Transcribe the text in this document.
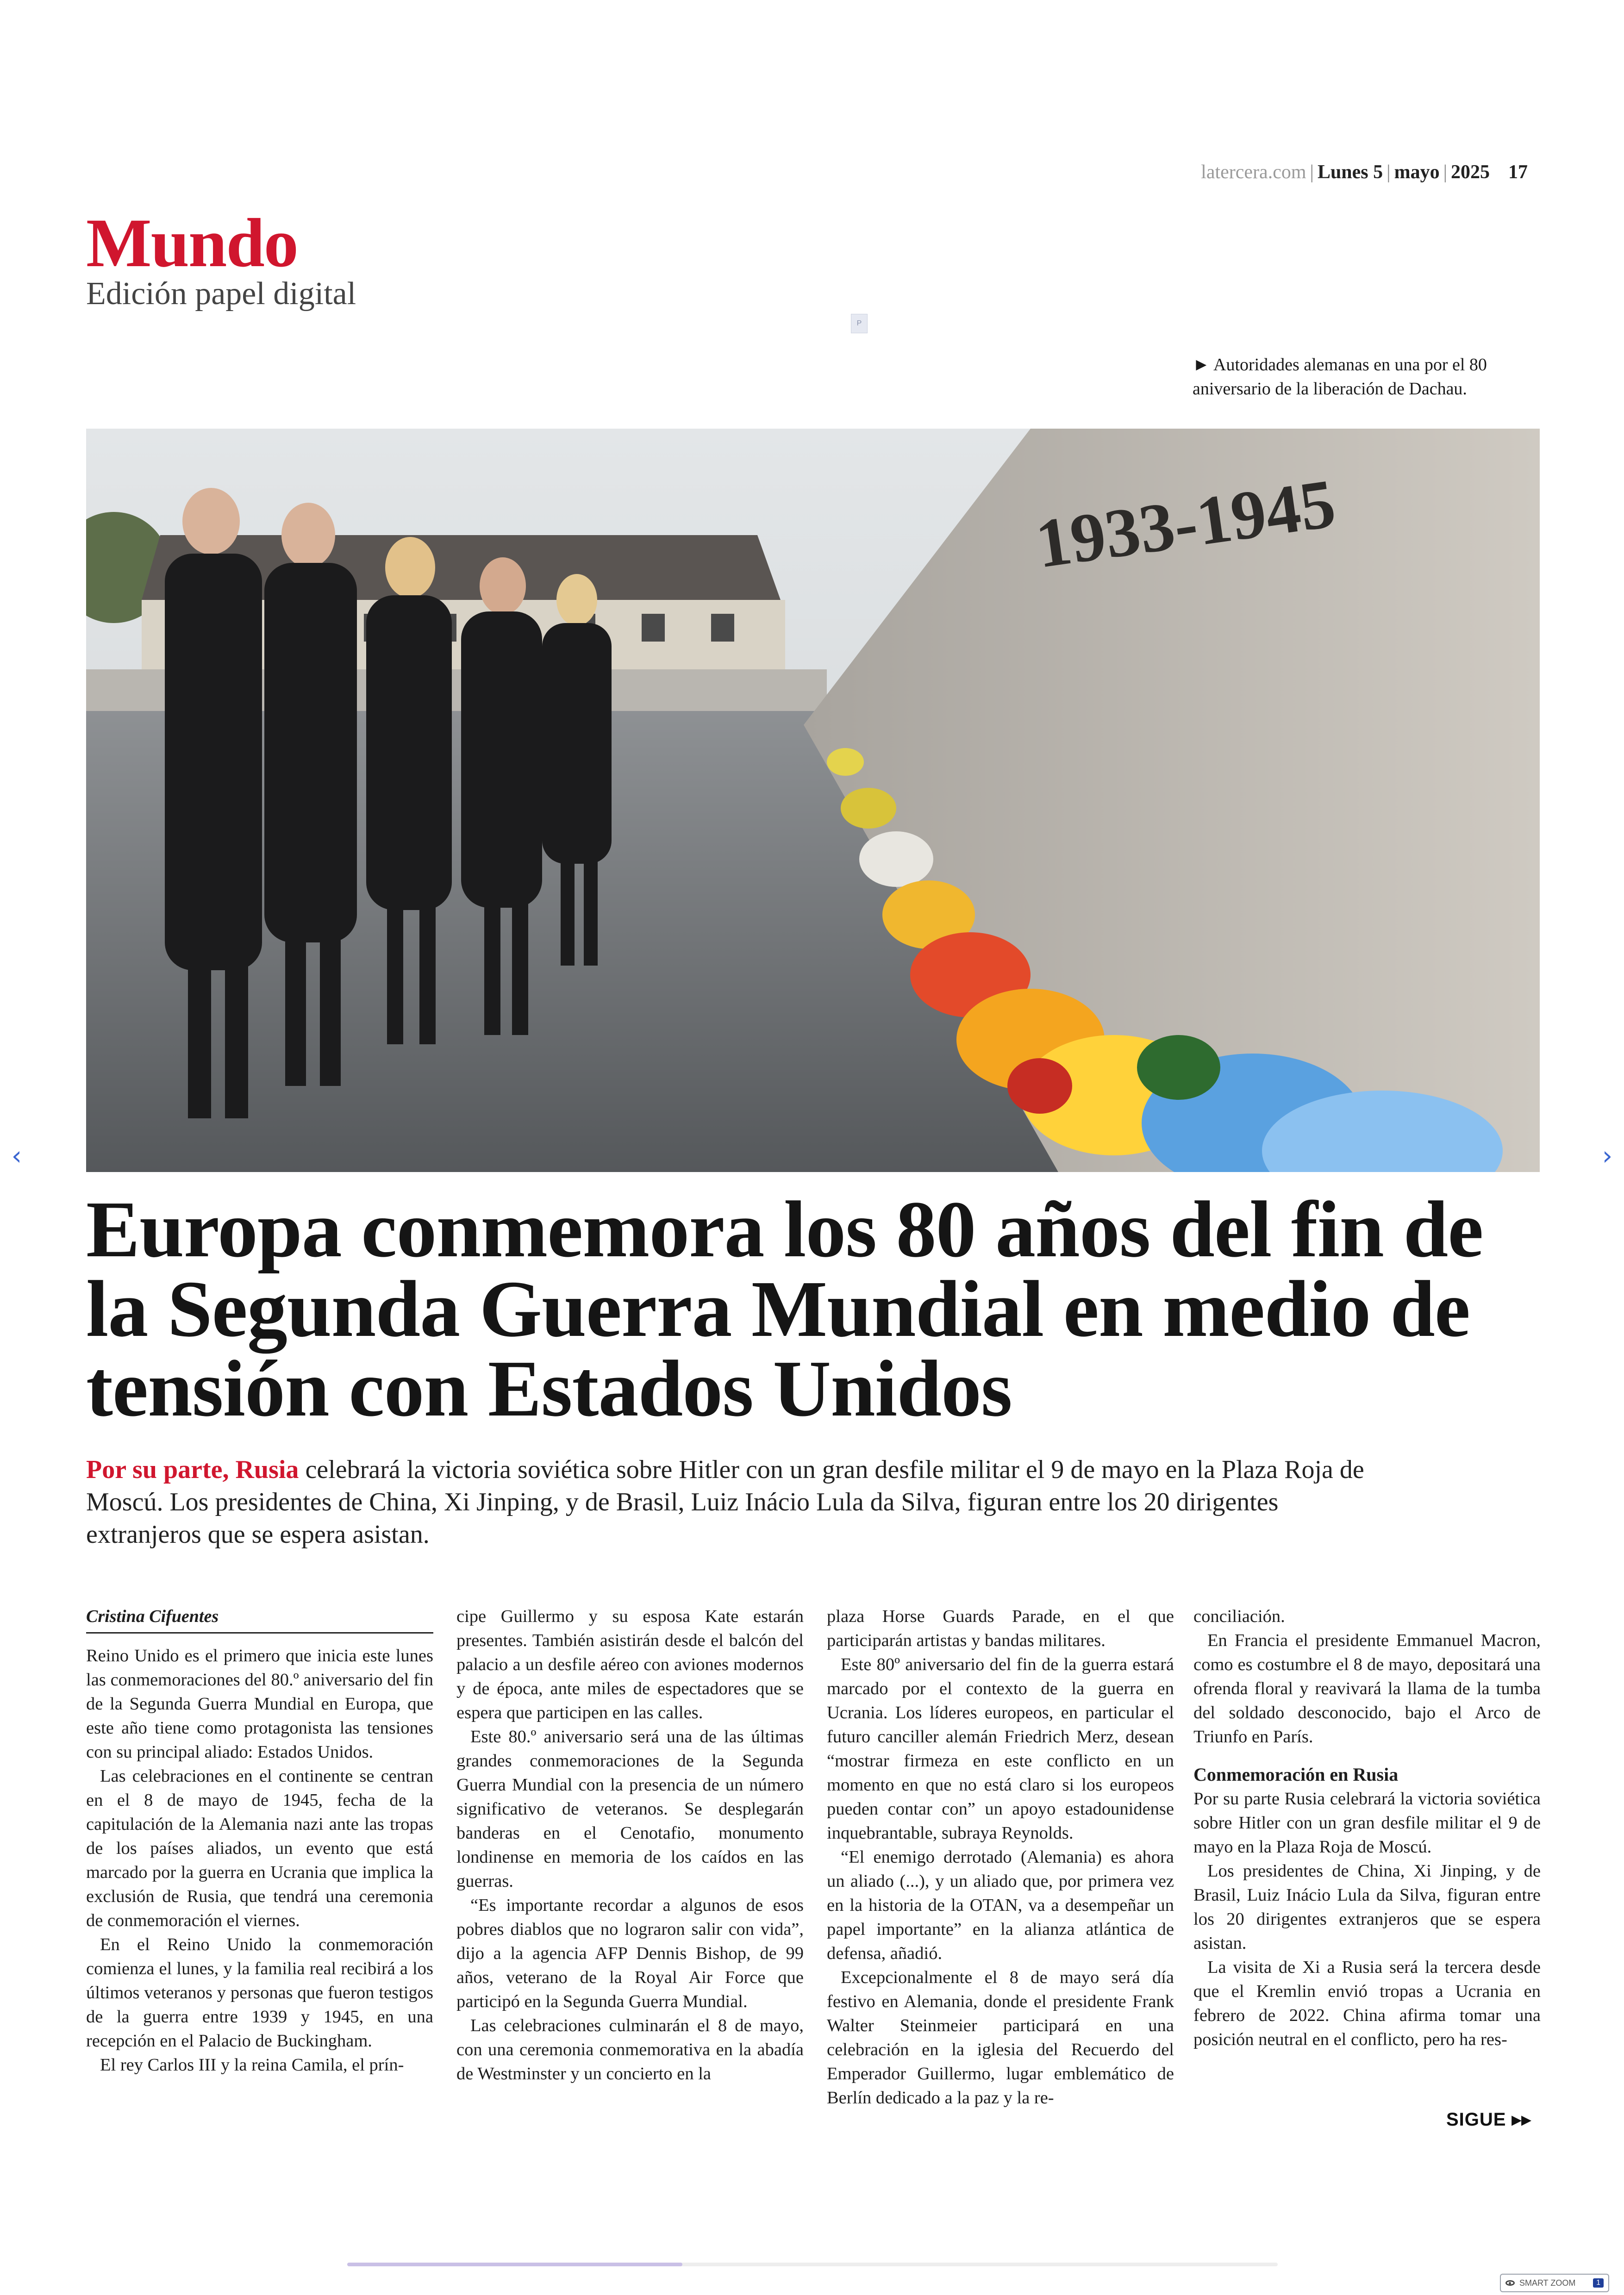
latercera.com | Lunes 5 | mayo | 2025 17
Mundo
Edición papel digital
P
► Autoridades alemanas en una por el 80 aniversario de la liberación de Dachau.
1933-1945
‹	›
Europa conmemora los 80 años del fin de la Segunda Guerra Mundial en medio de tensión con Estados Unidos
Por su parte, Rusia celebrará la victoria soviética sobre Hitler con un gran desfile militar el 9 de mayo en la Plaza Roja de Moscú. Los presidentes de China, Xi Jinping, y de Brasil, Luiz Inácio Lula da Silva, figuran entre los 20 dirigentes extranjeros que se espera asistan.
Cristina Cifuentes

Reino Unido es el primero que inicia este lunes las conmemoraciones del 80.º aniversario del fin de la Segunda Guerra Mundial en Europa, que este año tiene como protagonista las tensiones con su principal aliado: Estados Unidos.

Las celebraciones en el continente se centran en el 8 de mayo de 1945, fecha de la capitulación de la Alemania nazi ante las tropas de los países aliados, un evento que está marcado por la guerra en Ucrania que implica la exclusión de Rusia, que tendrá una ceremonia de conmemoración el viernes.

En el Reino Unido la conmemoración comienza el lunes, y la familia real recibirá a los últimos veteranos y personas que fueron testigos de la guerra entre 1939 y 1945, en una recepción en el Palacio de Buckingham.

El rey Carlos III y la reina Camila, el prín-

cipe Guillermo y su esposa Kate estarán presentes. También asistirán desde el balcón del palacio a un desfile aéreo con aviones modernos y de época, ante miles de espectadores que se espera que participen en las calles.

Este 80.º aniversario será una de las últimas grandes conmemoraciones de la Segunda Guerra Mundial con la presencia de un número significativo de veteranos. Se desplegarán banderas en el Cenotafio, monumento londinense en memoria de los caídos en las guerras.

“Es importante recordar a algunos de esos pobres diablos que no lograron salir con vida”, dijo a la agencia AFP Dennis Bishop, de 99 años, veterano de la Royal Air Force que participó en la Segunda Guerra Mundial.

Las celebraciones culminarán el 8 de mayo, con una ceremonia conmemorativa en la abadía de Westminster y un concierto en la

plaza Horse Guards Parade, en el que participarán artistas y bandas militares.

Este 80º aniversario del fin de la guerra estará marcado por el contexto de la guerra en Ucrania. Los líderes europeos, en particular el futuro canciller alemán Friedrich Merz, desean “mostrar firmeza en este conflicto en un momento en que no está claro si los europeos pueden contar con” un apoyo estadounidense inquebrantable, subraya Reynolds.

“El enemigo derrotado (Alemania) es ahora un aliado (...), y un aliado que, por primera vez en la historia de la OTAN, va a desempeñar un papel importante” en la alianza atlántica de defensa, añadió.

Excepcionalmente el 8 de mayo será día festivo en Alemania, donde el presidente Frank Walter Steinmeier participará en una celebración en la iglesia del Recuerdo del Emperador Guillermo, lugar emblemático de Berlín dedicado a la paz y la re-

conciliación.

En Francia el presidente Emmanuel Macron, como es costumbre el 8 de mayo, depositará una ofrenda floral y reavivará la llama de la tumba del soldado desconocido, bajo el Arco de Triunfo en París.

Conmemoración en Rusia

Por su parte Rusia celebrará la victoria soviética sobre Hitler con un gran desfile militar el 9 de mayo en la Plaza Roja de Moscú.

Los presidentes de China, Xi Jinping, y de Brasil, Luiz Inácio Lula da Silva, figuran entre los 20 dirigentes extranjeros que se espera asistan.

La visita de Xi a Rusia será la tercera desde que el Kremlin envió tropas a Ucrania en febrero de 2022. China afirma tomar una posición neutral en el conflicto, pero ha res-

SIGUE ▸▸
SMART ZOOM	1
